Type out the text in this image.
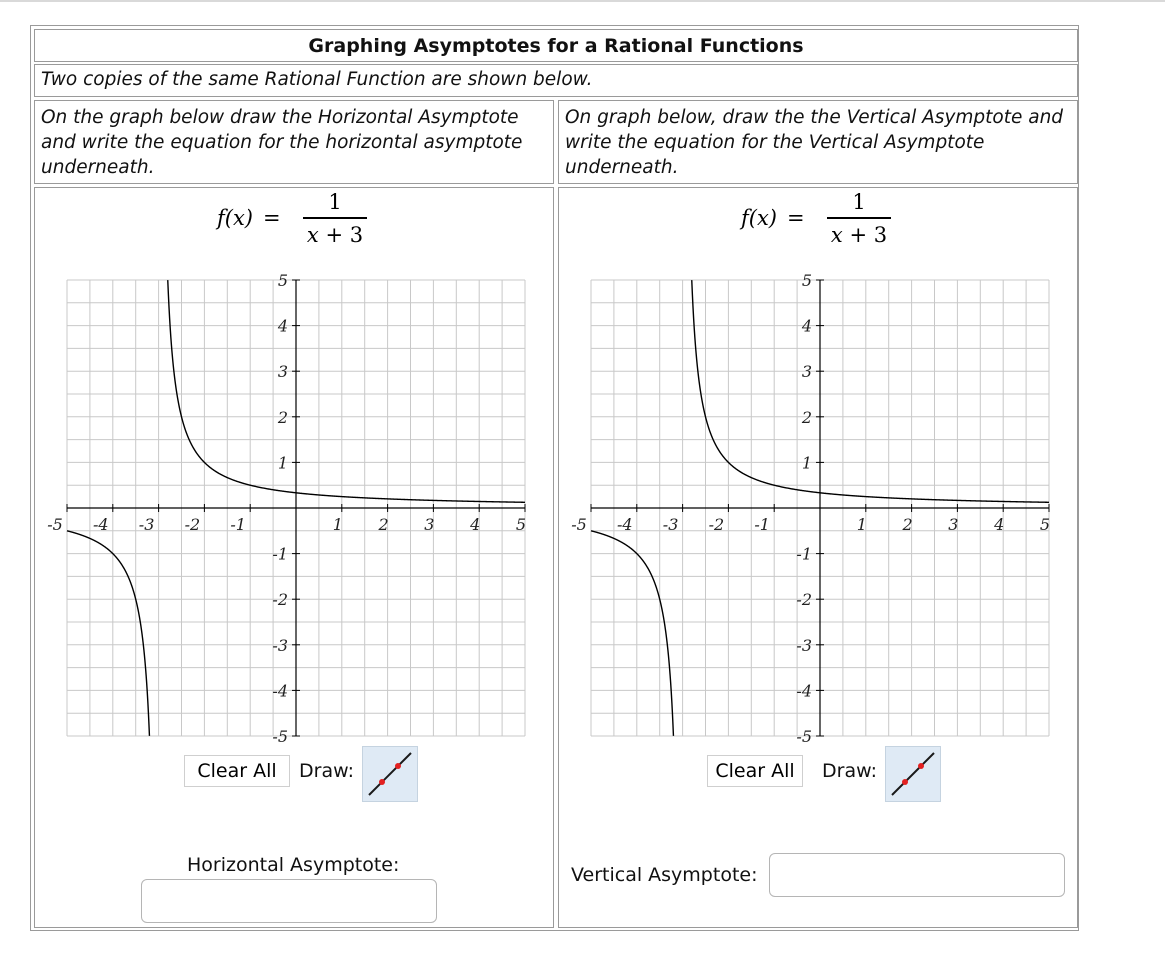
Graphing Asymptotes for a Rational Functions
Two copies of the same Rational Function are shown below.
On the graph below draw the Horizontal Asymptote and write the equation for the horizontal asymptote underneath.
On graph below, draw the the Vertical Asymptote and write the equation for the Vertical Asymptote underneath.
f(x) =
1
x + 3
-5 -4 -3 -2 -1	1 2 3 4 5
5
4
3
2
1
-1
-2
-3
-4
-5
Clear All	Draw:
Horizontal Asymptote:
f(x) =
1
x + 3
-5 -4 -3 -2 -1	1 2 3 4 5
5
4
3
2
1
-1
-2
-3
-4
-5
Clear All	Draw:
Vertical Asymptote:
